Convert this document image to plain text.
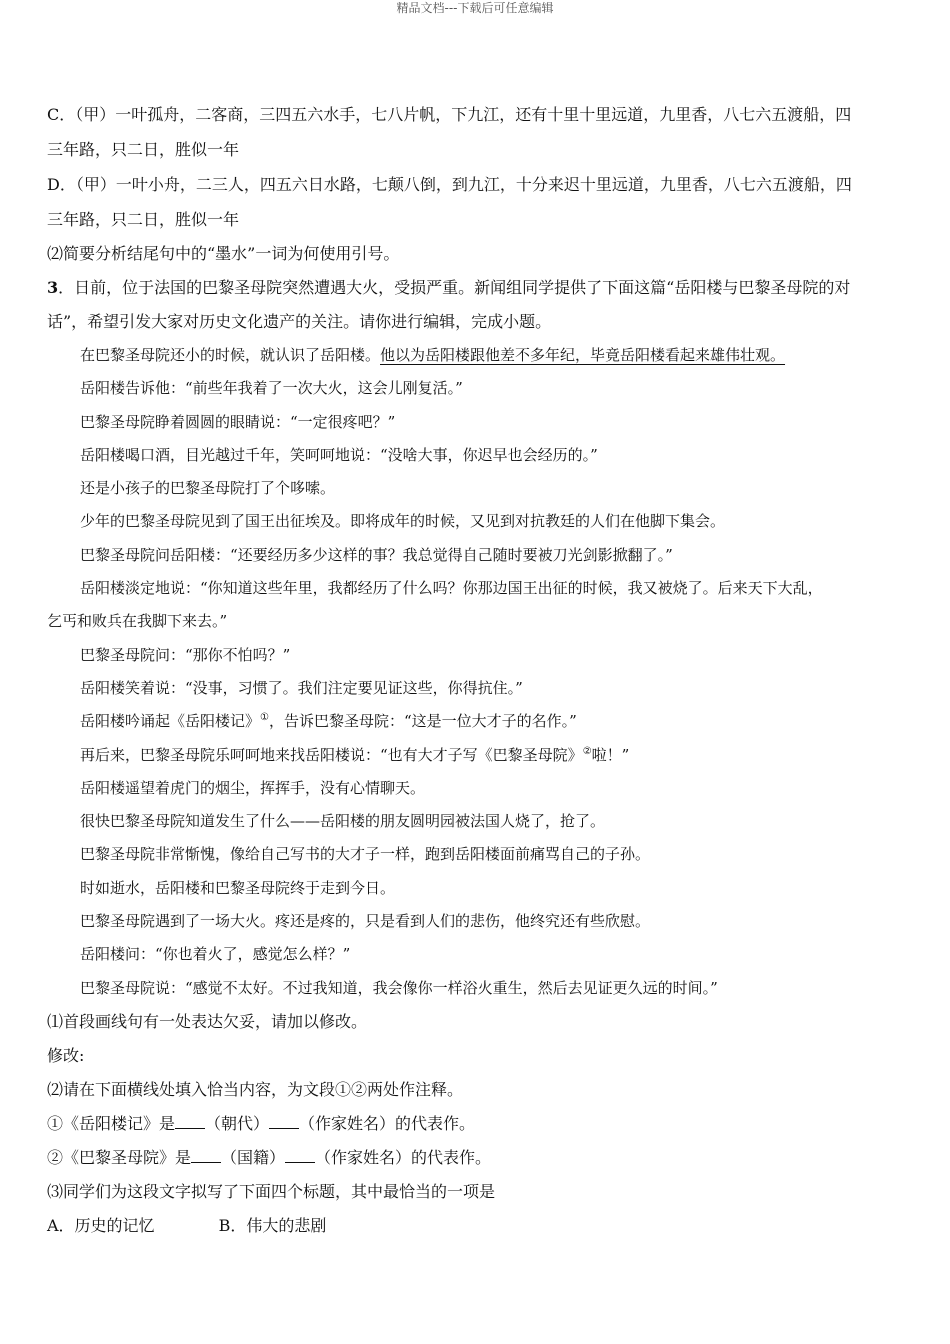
精品文档---下载后可任意编辑
C．（甲）一叶孤舟，二客商，三四五六水手，七八片帆，下九江，还有十里十里远道，九里香，八七六五渡船，四
三年路，只二日，胜似一年
D．（甲）一叶小舟，二三人，四五六日水路，七颠八倒，到九江，十分来迟十里远道，九里香，八七六五渡船，四
三年路，只二日，胜似一年
⑵简要分析结尾句中的“墨水”一词为何使用引号。
3．日前，位于法国的巴黎圣母院突然遭遇大火，受损严重。新闻组同学提供了下面这篇“岳阳楼与巴黎圣母院的对
话”，希望引发大家对历史文化遗产的关注。请你进行编辑，完成小题。
在巴黎圣母院还小的时候，就认识了岳阳楼。他以为岳阳楼跟他差不多年纪，毕竟岳阳楼看起来雄伟壮观。
岳阳楼告诉他：“前些年我着了一次大火，这会儿刚复活。”
巴黎圣母院睁着圆圆的眼睛说：“一定很疼吧？”
岳阳楼喝口酒，目光越过千年，笑呵呵地说：“没啥大事，你迟早也会经历的。”
还是小孩子的巴黎圣母院打了个哆嗦。
少年的巴黎圣母院见到了国王出征埃及。即将成年的时候，又见到对抗教廷的人们在他脚下集会。
巴黎圣母院问岳阳楼：“还要经历多少这样的事？我总觉得自己随时要被刀光剑影掀翻了。”
岳阳楼淡定地说：“你知道这些年里，我都经历了什么吗？你那边国王出征的时候，我又被烧了。后来天下大乱，
乞丐和败兵在我脚下来去。”
巴黎圣母院问：“那你不怕吗？”
岳阳楼笑着说：“没事，习惯了。我们注定要见证这些，你得抗住。”
岳阳楼吟诵起《岳阳楼记》①，告诉巴黎圣母院：“这是一位大才子的名作。”
再后来，巴黎圣母院乐呵呵地来找岳阳楼说：“也有大才子写《巴黎圣母院》②啦！”
岳阳楼遥望着虎门的烟尘，挥挥手，没有心情聊天。
很快巴黎圣母院知道发生了什么——岳阳楼的朋友圆明园被法国人烧了，抢了。
巴黎圣母院非常惭愧，像给自己写书的大才子一样，跑到岳阳楼面前痛骂自己的子孙。
时如逝水，岳阳楼和巴黎圣母院终于走到今日。
巴黎圣母院遇到了一场大火。疼还是疼的，只是看到人们的悲伤，他终究还有些欣慰。
岳阳楼问：“你也着火了，感觉怎么样？”
巴黎圣母院说：“感觉不太好。不过我知道，我会像你一样浴火重生，然后去见证更久远的时间。”
⑴首段画线句有一处表达欠妥，请加以修改。
修改:
⑵请在下面横线处填入恰当内容，为文段①②两处作注释。
①《岳阳楼记》是 （朝代） （作家姓名）的代表作。
②《巴黎圣母院》是 （国籍） （作家姓名）的代表作。
⑶同学们为这段文字拟写了下面四个标题，其中最恰当的一项是
A．历史的记忆	B．伟大的悲剧
